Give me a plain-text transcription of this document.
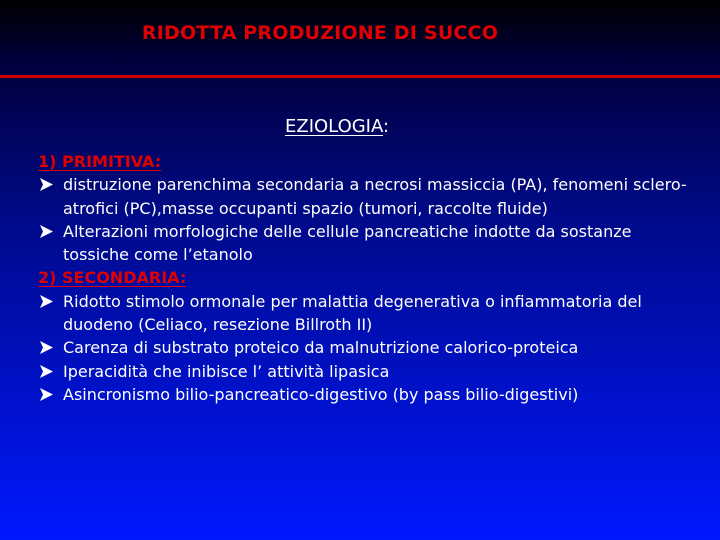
RIDOTTA PRODUZIONE DI SUCCO
EZIOLOGIA:
1) PRIMITIVA:
distruzione parenchima secondaria a necrosi massiccia (PA), fenomeni sclero-atrofici (PC),masse occupanti spazio (tumori, raccolte fluide)
Alterazioni morfologiche delle cellule pancreatiche indotte da sostanze tossiche come l’etanolo
2) SECONDARIA:
Ridotto stimolo ormonale per malattia degenerativa o infiammatoria del duodeno (Celiaco, resezione Billroth II)
Carenza di substrato proteico da malnutrizione calorico-proteica
Iperacidità che inibisce l’ attività lipasica
Asincronismo bilio-pancreatico-digestivo (by pass bilio-digestivi)
